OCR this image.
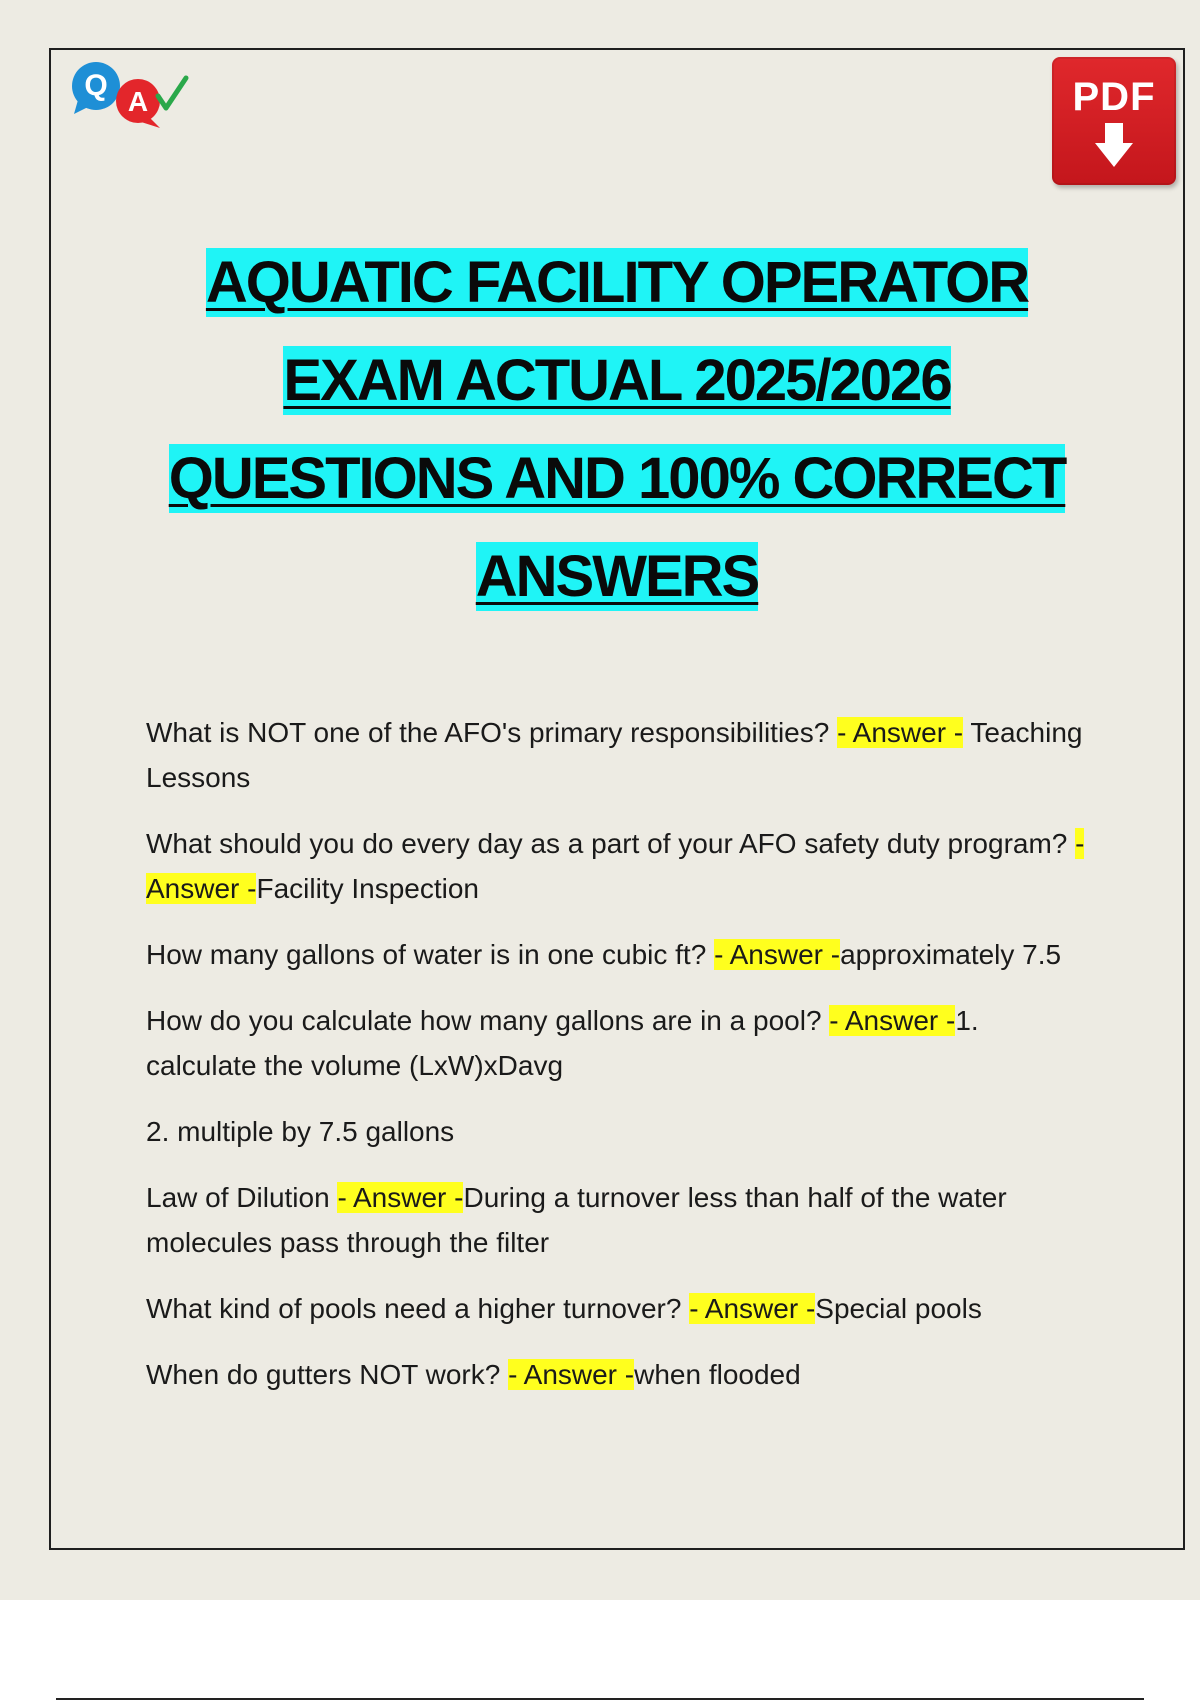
Q A	PDF
AQUATIC FACILITY OPERATOR
EXAM ACTUAL 2025/2026
QUESTIONS AND 100% CORRECT
ANSWERS

What is NOT one of the AFO's primary responsibilities? - Answer - Teaching Lessons

What should you do every day as a part of your AFO safety duty program? - Answer -Facility Inspection

How many gallons of water is in one cubic ft? - Answer -approximately 7.5

How do you calculate how many gallons are in a pool? - Answer -1. calculate the volume (LxW)xDavg

2. multiple by 7.5 gallons

Law of Dilution - Answer -During a turnover less than half of the water molecules pass through the filter

What kind of pools need a higher turnover? - Answer -Special pools

When do gutters NOT work? - Answer -when flooded
